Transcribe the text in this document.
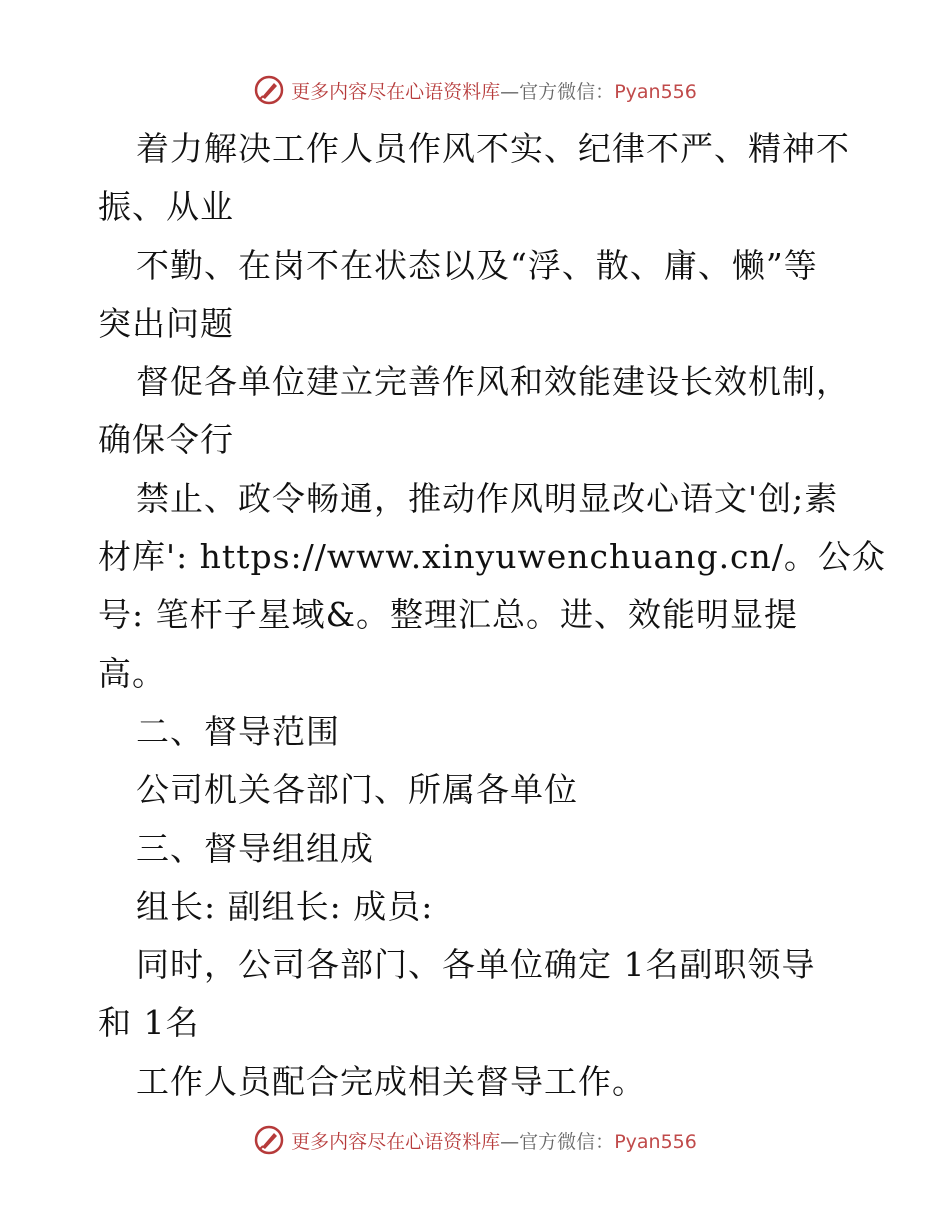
更多内容尽在心语资料库—官方微信：Pyan556
着力解决工作人员作风不实、纪律不严、精神不
振、从业
不勤、在岗不在状态以及“浮、散、庸、懒”等
突出问题
督促各单位建立完善作风和效能建设长效机制，
确保令行
禁止、政令畅通，推动作风明显改心语文'创;素
材库': https://www.xinyuwenchuang.cn/。公众
号: 笔杆子星域&。整理汇总。进、效能明显提
高。
二、督导范围
公司机关各部门、所属各单位
三、督导组组成
组长: 副组长: 成员:
同时，公司各部门、各单位确定 1名副职领导
和 1名
工作人员配合完成相关督导工作。
更多内容尽在心语资料库—官方微信：Pyan556
